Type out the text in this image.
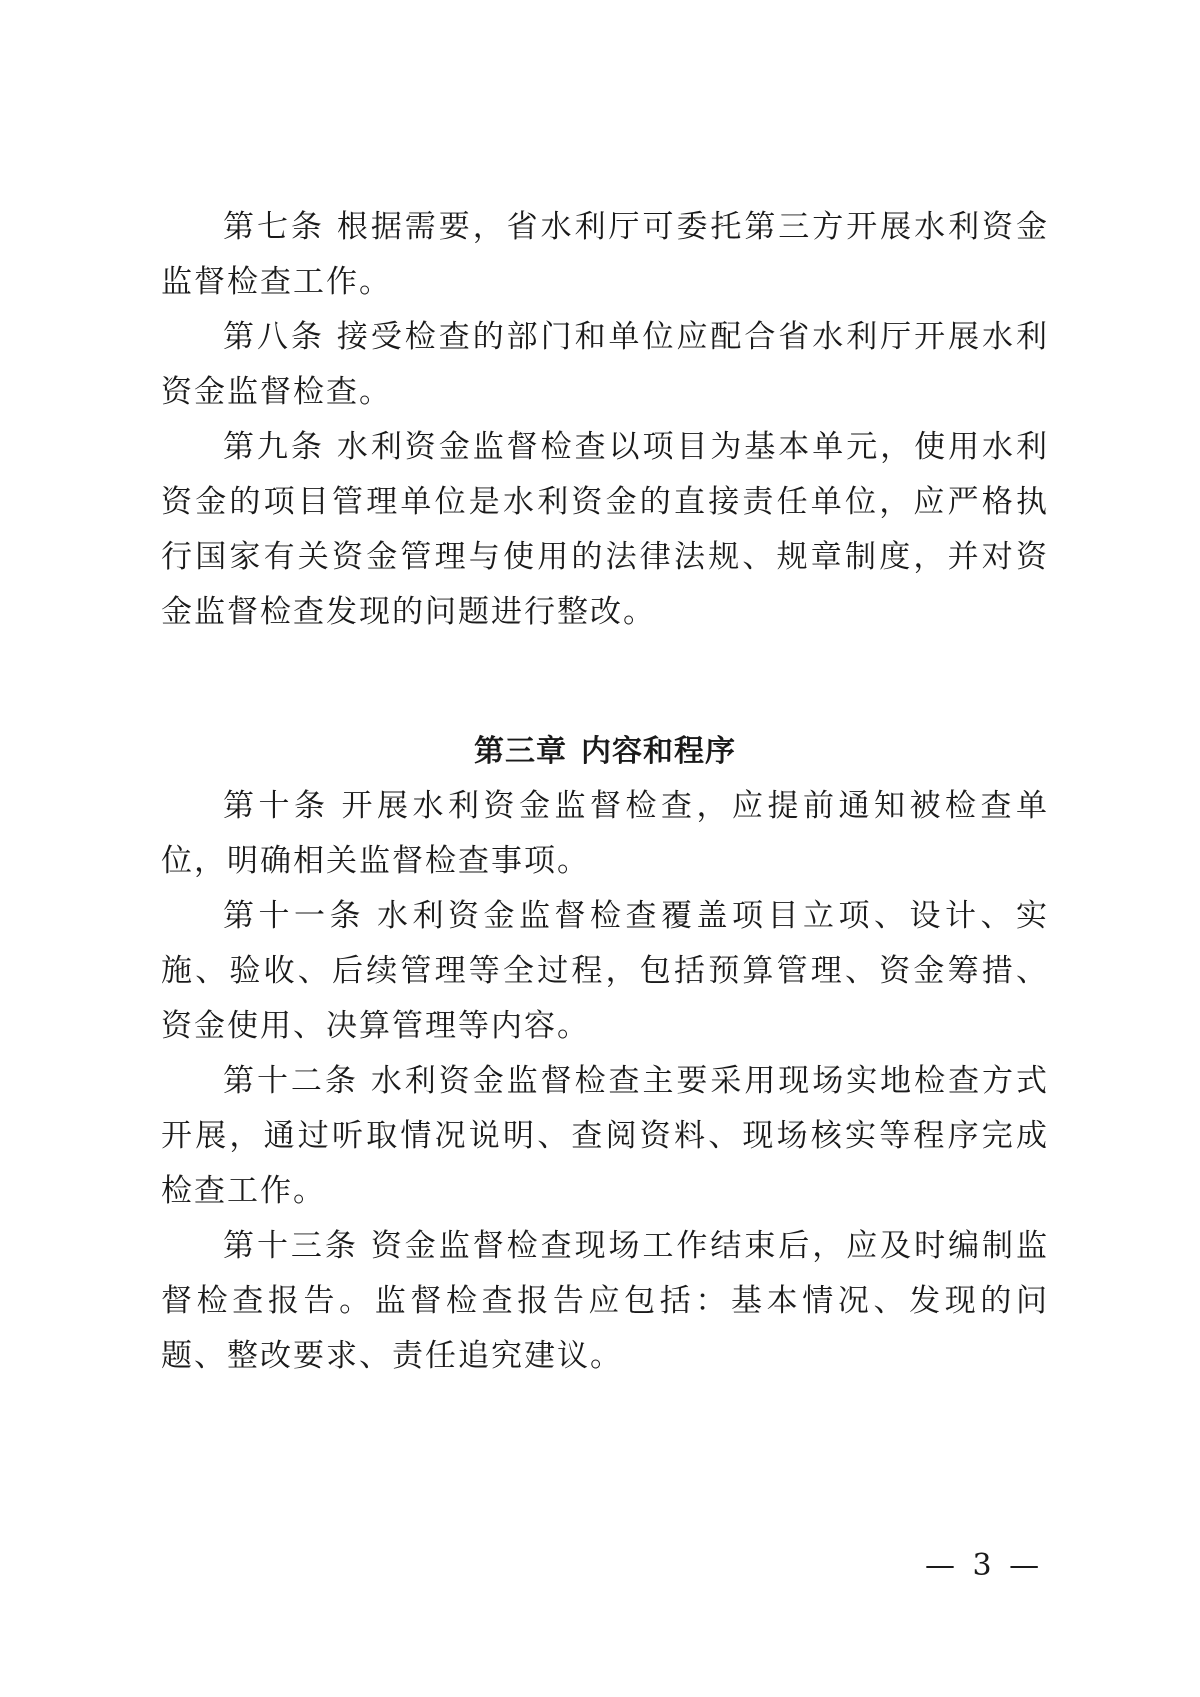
第七条 根据需要，省水利厅可委托第三方开展水利资金监督检查工作。

第八条 接受检查的部门和单位应配合省水利厅开展水利资金监督检查。

第九条 水利资金监督检查以项目为基本单元，使用水利资金的项目管理单位是水利资金的直接责任单位，应严格执行国家有关资金管理与使用的法律法规、规章制度，并对资金监督检查发现的问题进行整改。

第三章 内容和程序

第十条 开展水利资金监督检查，应提前通知被检查单位，明确相关监督检查事项。

第十一条 水利资金监督检查覆盖项目立项、设计、实施、验收、后续管理等全过程，包括预算管理、资金筹措、资金使用、决算管理等内容。

第十二条 水利资金监督检查主要采用现场实地检查方式开展，通过听取情况说明、查阅资料、现场核实等程序完成检查工作。

第十三条 资金监督检查现场工作结束后，应及时编制监督检查报告。监督检查报告应包括：基本情况、发现的问题、整改要求、责任追究建议。

— 3 —
